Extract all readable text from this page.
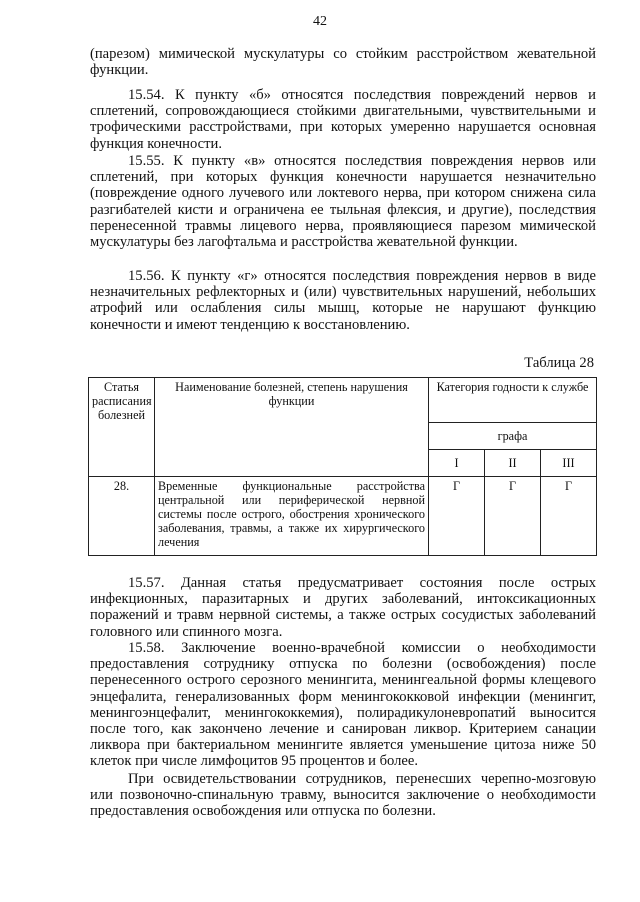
42

(парезом) мимической мускулатуры со стойким расстройством жевательной функции.

15.54. К пункту «б» относятся последствия повреждений нервов и сплетений, сопровождающиеся стойкими двигательными, чувствительными и трофическими расстройствами, при которых умеренно нарушается основная функция конечности.

15.55. К пункту «в» относятся последствия повреждения нервов или сплетений, при которых функция конечности нарушается незначительно (повреждение одного лучевого или локтевого нерва, при котором снижена сила разгибателей кисти и ограничена ее тыльная флексия, и другие), последствия перенесенной травмы лицевого нерва, проявляющиеся парезом мимической мускулатуры без лагофтальма и расстройства жевательной функции.

15.56. К пункту «г» относятся последствия повреждения нервов в виде незначительных рефлекторных и (или) чувствительных нарушений, небольших атрофий или ослабления силы мышц, которые не нарушают функцию конечности и имеют тенденцию к восстановлению.

Таблица 28
Статья расписания болезней	Наименование болезней, степень нарушения функции	Категория годности к службе		
		графа		
		I	II	III
28.	Временные функциональные расстройства центральной или периферической нервной системы после острого, обострения хронического заболевания, травмы, а также их хирургического лечения	Г	Г	Г

15.57. Данная статья предусматривает состояния после острых инфекционных, паразитарных и других заболеваний, интоксикационных поражений и травм нервной системы, а также острых сосудистых заболеваний головного или спинного мозга.

15.58. Заключение военно-врачебной комиссии о необходимости предоставления сотруднику отпуска по болезни (освобождения) после перенесенного острого серозного менингита, менингеальной формы клещевого энцефалита, генерализованных форм менингококковой инфекции (менингит, менингоэнцефалит, менингококкемия), полирадикулоневропатий выносится после того, как закончено лечение и санирован ликвор. Критерием санации ликвора при бактериальном менингите является уменьшение цитоза ниже 50 клеток при числе лимфоцитов 95 процентов и более.

При освидетельствовании сотрудников, перенесших черепно-мозговую или позвоночно-спинальную травму, выносится заключение о необходимости предоставления освобождения или отпуска по болезни.
